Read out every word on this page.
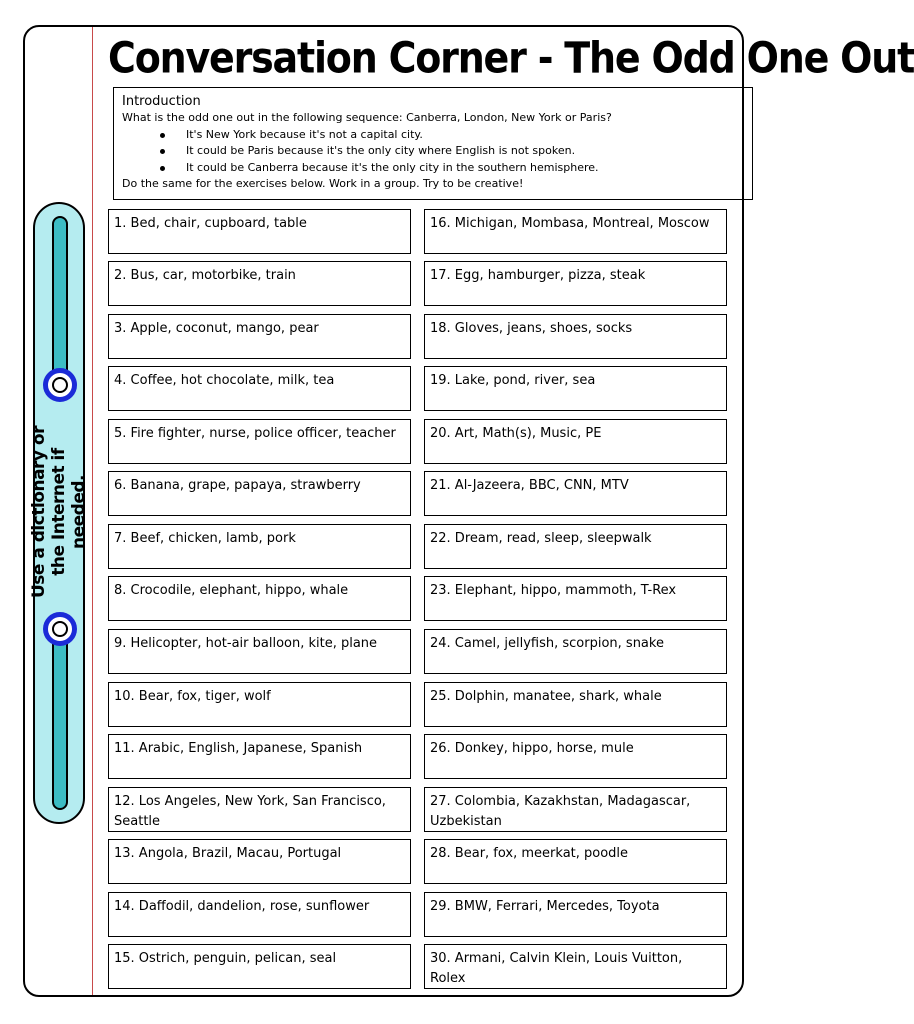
Conversation Corner - The Odd One Out
Introduction
What is the odd one out in the following sequence: Canberra, London, New York or Paris?
It's New York because it's not a capital city.
It could be Paris because it's the only city where English is not spoken.
It could be Canberra because it's the only city in the southern hemisphere.
Do the same for the exercises below. Work in a group. Try to be creative!
Use a dictionary or the Internet if needed.
1. Bed, chair, cupboard, table
2. Bus, car, motorbike, train
3. Apple, coconut, mango, pear
4. Coffee, hot chocolate, milk, tea
5. Fire fighter, nurse, police officer, teacher
6. Banana, grape, papaya, strawberry
7. Beef, chicken, lamb, pork
8. Crocodile, elephant, hippo, whale
9. Helicopter, hot-air balloon, kite, plane
10. Bear, fox, tiger, wolf
11. Arabic, English, Japanese, Spanish
12. Los Angeles, New York, San Francisco, Seattle
13. Angola, Brazil, Macau, Portugal
14. Daffodil, dandelion, rose, sunflower
15. Ostrich, penguin, pelican, seal
16. Michigan, Mombasa, Montreal, Moscow
17. Egg, hamburger, pizza, steak
18. Gloves, jeans, shoes, socks
19. Lake, pond, river, sea
20. Art, Math(s), Music, PE
21. Al-Jazeera, BBC, CNN, MTV
22. Dream, read, sleep, sleepwalk
23. Elephant, hippo, mammoth, T-Rex
24. Camel, jellyfish, scorpion, snake
25. Dolphin, manatee, shark, whale
26. Donkey, hippo, horse, mule
27. Colombia, Kazakhstan, Madagascar, Uzbekistan
28. Bear, fox, meerkat, poodle
29. BMW, Ferrari, Mercedes, Toyota
30. Armani, Calvin Klein, Louis Vuitton, Rolex
